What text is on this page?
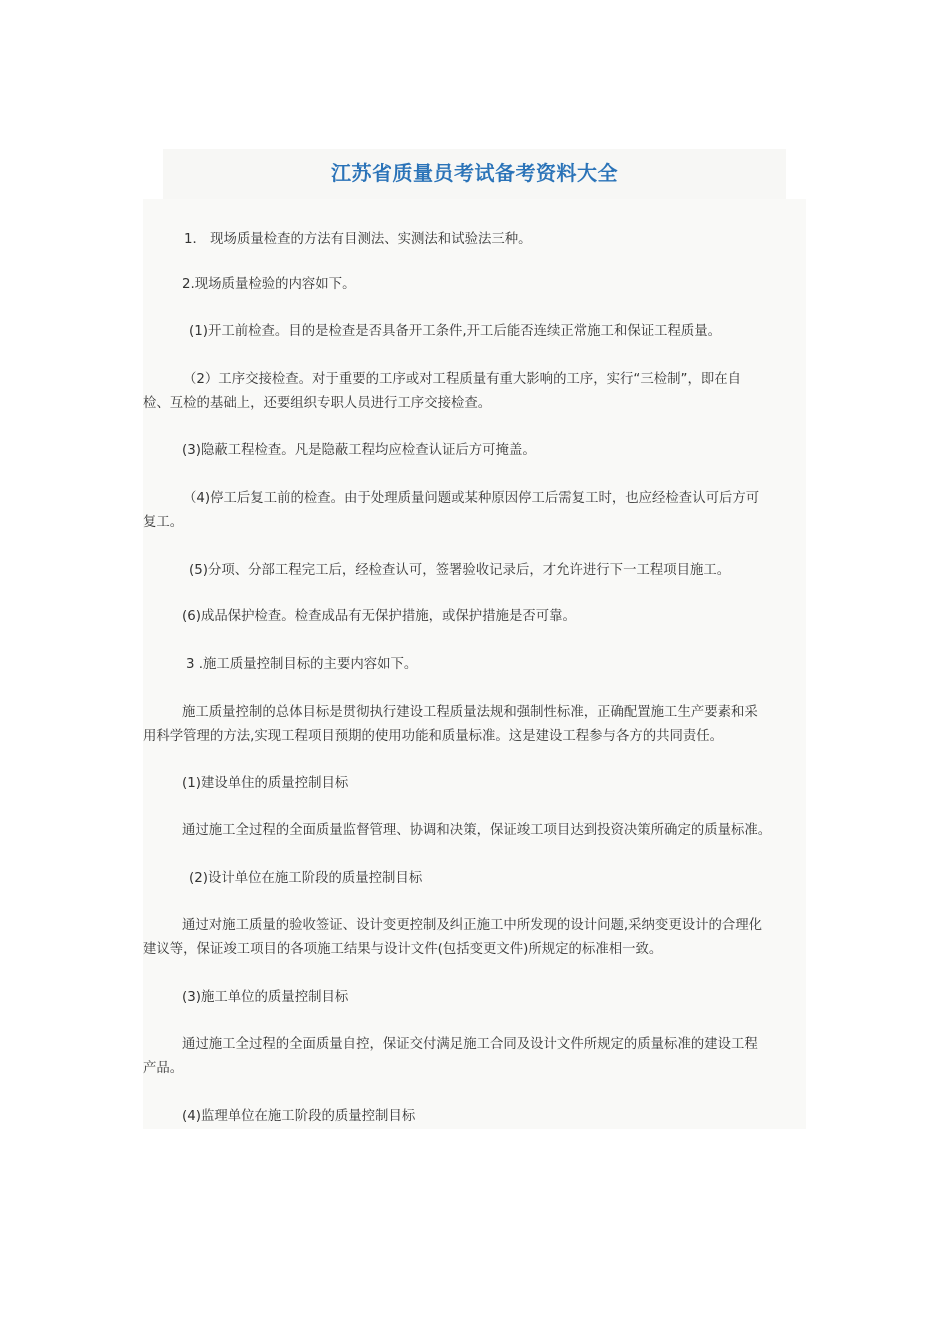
江苏省质量员考试备考资料大全

1． 现场质量检查的方法有目测法、实测法和试验法三种。

2.现场质量检验的内容如下。

(1)开工前检查。目的是检查是否具备开工条件,开工后能否连续正常施工和保证工程质量。

（2）工序交接检查。对于重要的工序或对工程质量有重大影响的工序，实行“三检制”，即在自
检、互检的基础上，还要组织专职人员进行工序交接检查。

(3)隐蔽工程检查。凡是隐蔽工程均应检查认证后方可掩盖。

（4)停工后复工前的检查。由于处理质量问题或某种原因停工后需复工时，也应经检查认可后方可
复工。

(5)分项、分部工程完工后，经检查认可，签署验收记录后，才允许进行下一工程项目施工。

(6)成品保护检查。检查成品有无保护措施，或保护措施是否可靠。

3 .施工质量控制目标的主要内容如下。

施工质量控制的总体目标是贯彻执行建设工程质量法规和强制性标准，正确配置施工生产要素和采
用科学管理的方法,实现工程项目预期的使用功能和质量标准。这是建设工程参与各方的共同责任。

(1)建设单住的质量控制目标

通过施工全过程的全面质量监督管理、协调和决策，保证竣工项目达到投资决策所确定的质量标准。

(2)设计单位在施工阶段的质量控制目标

通过对施工质量的验收签证、设计变更控制及纠正施工中所发现的设计问题,采纳变更设计的合理化
建议等，保证竣工项目的各项施工结果与设计文件(包括变更文件)所规定的标准相一致。

(3)施工单位的质量控制目标

通过施工全过程的全面质量自控，保证交付满足施工合同及设计文件所规定的质量标准的建设工程
产品。

(4)监理单位在施工阶段的质量控制目标
